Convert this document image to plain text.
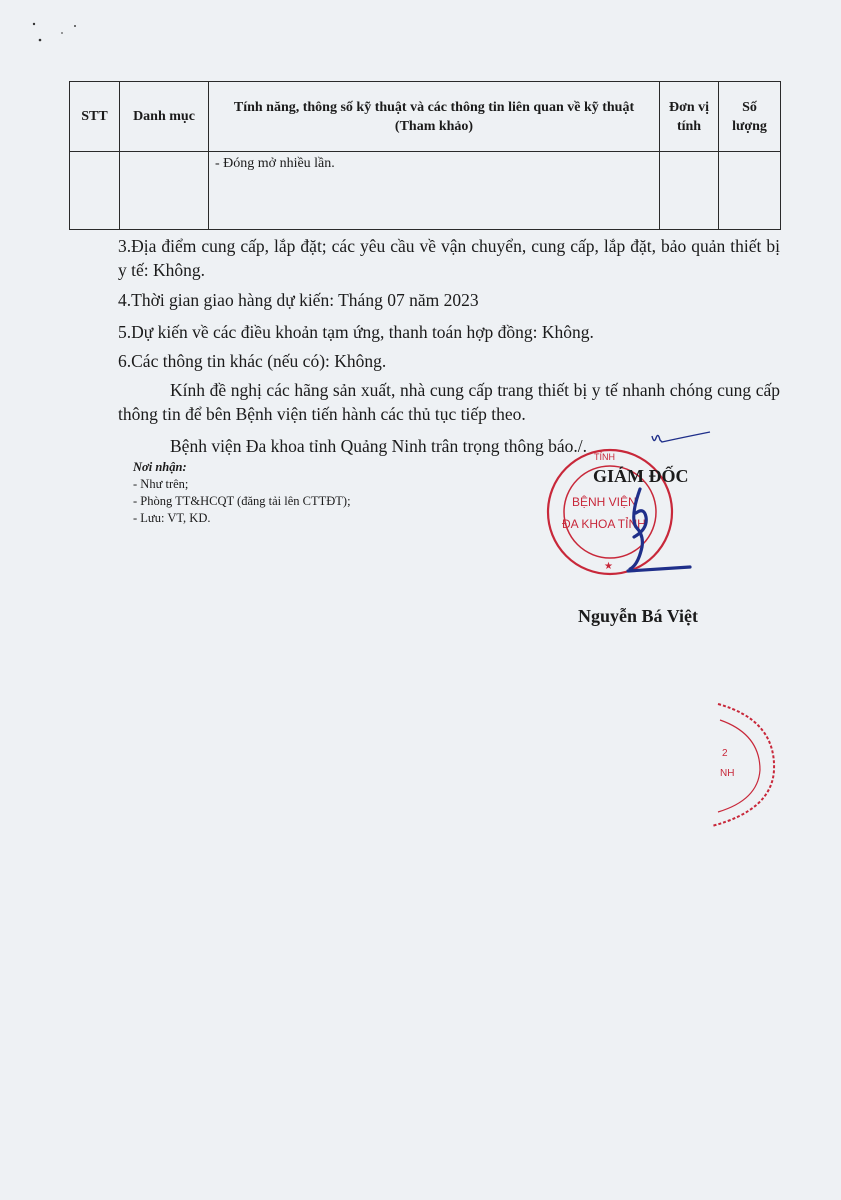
STT	Danh mục	Tính năng, thông số kỹ thuật và các thông tin liên quan về kỹ thuật (Tham khảo)	Đơn vị tính	Số lượng
		- Đóng mở nhiều lần.		

3.Địa điểm cung cấp, lắp đặt; các yêu cầu về vận chuyển, cung cấp, lắp đặt, bảo quản thiết bị y tế: Không.

4.Thời gian giao hàng dự kiến: Tháng 07 năm 2023

5.Dự kiến về các điều khoản tạm ứng, thanh toán hợp đồng: Không.

6.Các thông tin khác (nếu có): Không.

Kính đề nghị các hãng sản xuất, nhà cung cấp trang thiết bị y tế nhanh chóng cung cấp thông tin để bên Bệnh viện tiến hành các thủ tục tiếp theo.

Bệnh viện Đa khoa tỉnh Quảng Ninh trân trọng thông báo./.

Nơi nhận:
- Như trên;
- Phòng TT&HCQT (đăng tải lên CTTĐT);
- Lưu: VT, KD.
TỈNH
BỆNH VIỆN
ĐA KHOA TỈNH
★
GIÁM ĐỐC
Nguyễn Bá Việt
2
NH
